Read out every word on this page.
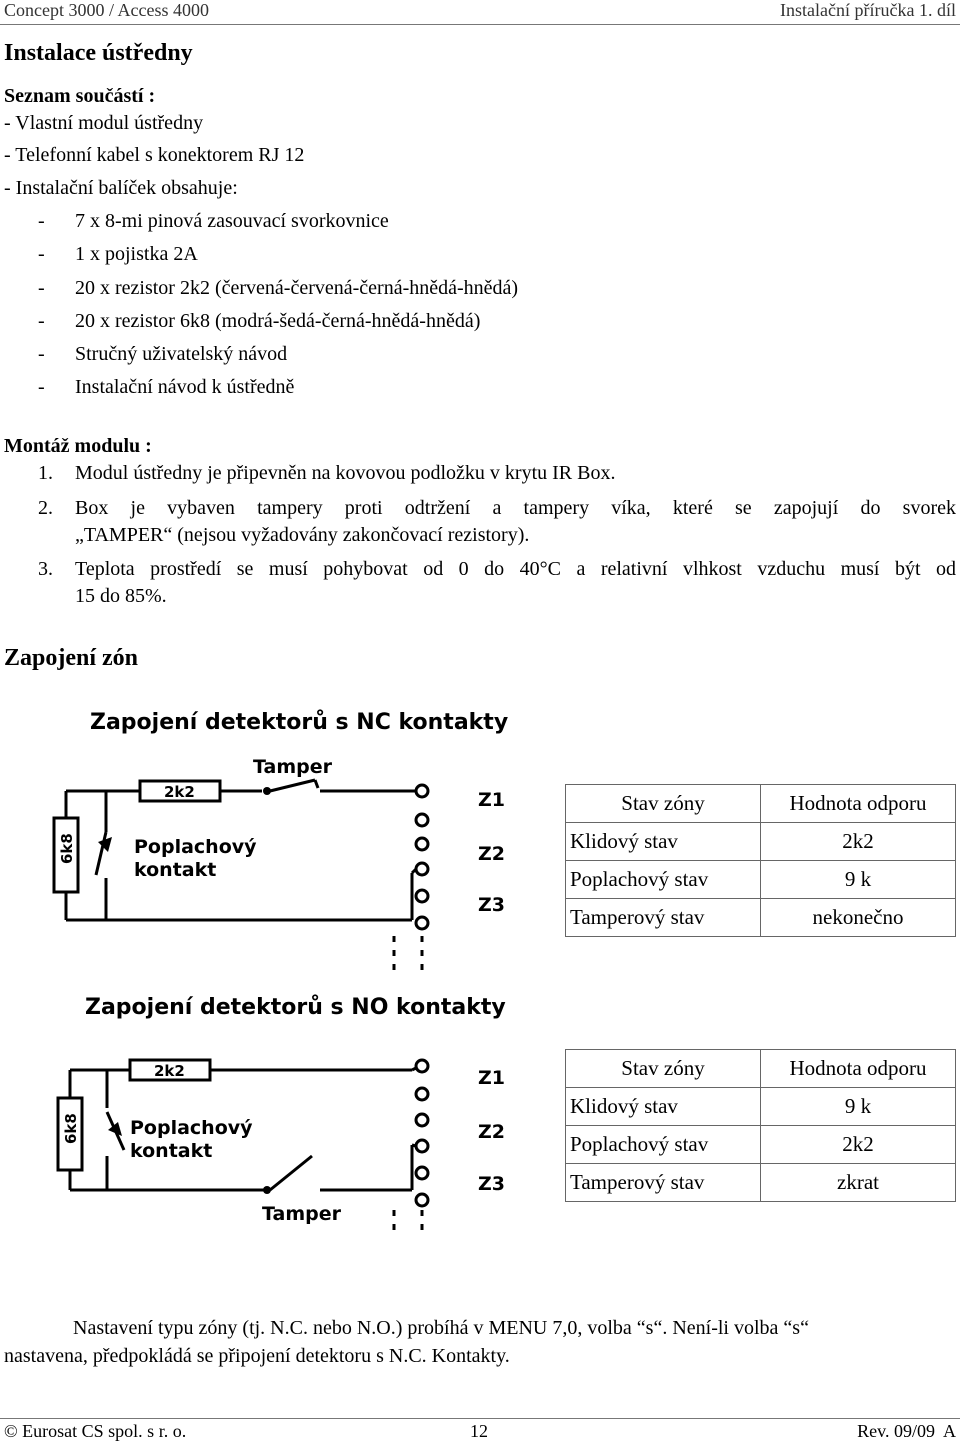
Concept 3000 / Access 4000	Instalační příručka 1. díl
Instalace ústředny
Seznam součástí :
- Vlastní modul ústředny
- Telefonní kabel s konektorem RJ 12
- Instalační balíček obsahuje:
- 7 x 8-mi pinová zasouvací svorkovnice
- 1 x pojistka 2A
- 20 x rezistor 2k2 (červená-červená-černá-hnědá-hnědá)
- 20 x rezistor 6k8 (modrá-šedá-černá-hnědá-hnědá)
- Stručný uživatelský návod
- Instalační návod k ústředně
Montáž modulu :
1. Modul ústředny je připevněn na kovovou podložku v krytu IR Box.
2. Box je vybaven tampery proti odtržení a tampery víka, které se zapojují do svorek
„TAMPER“ (nejsou vyžadovány zakončovací rezistory).
3. Teplota prostředí se musí pohybovat od 0 do 40°C a relativní vlhkost vzduchu musí být od
15 do 85%.
Zapojení zón
Zapojení detektorů s NC kontakty
2k2
6k8
Tamper
Poplachový
kontakt
Z1
Z2
Z3
Stav zóny	Hodnota odporu
Klidový stav	2k2
Poplachový stav	9 k
Tamperový stav	nekonečno
Zapojení detektorů s NO kontakty
2k2
6k8
Tamper
Poplachový
kontakt
Z1
Z2
Z3
Stav zóny	Hodnota odporu
Klidový stav	9 k
Poplachový stav	2k2
Tamperový stav	zkrat
Nastavení typu zóny (tj. N.C. nebo N.O.) probíhá v MENU 7,0, volba “s“. Není-li volba “s“
nastavena, předpokládá se připojení detektoru s N.C. Kontakty.
© Eurosat CS spol. s r. o.	12	Rev. 09/09  A
